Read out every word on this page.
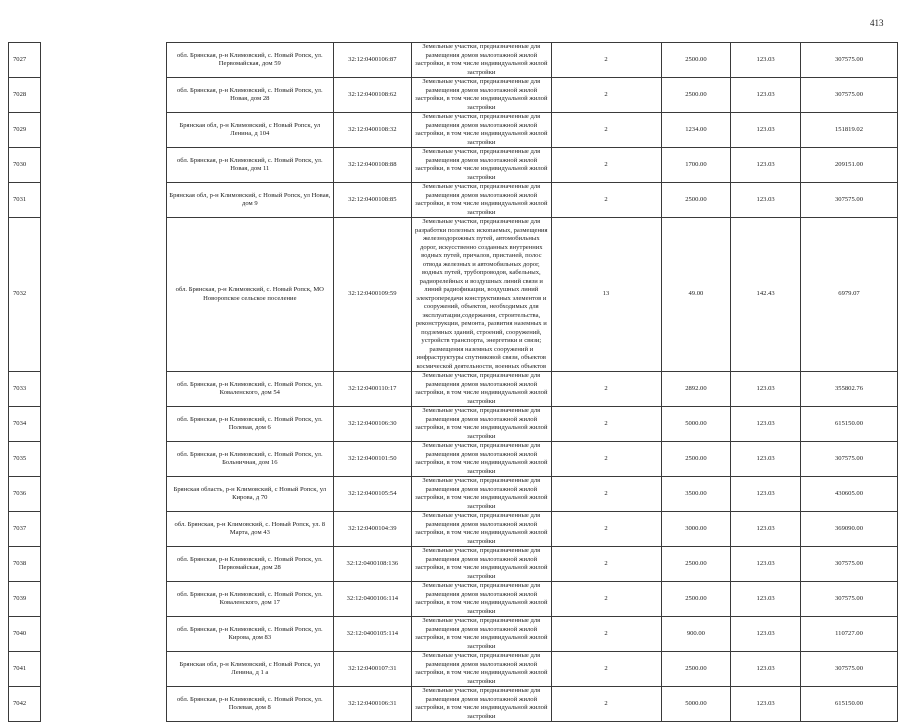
413
7027		обл. Брянская, р-н Климовский, с. Новый Ропск, ул. Первомайская, дом 59	32:12:0400106:87	Земельные участки, предназначенные для размещения домов малоэтажной жилой застройки, в том числе индивидуальной жилой застройки	2	2500.00	123.03	307575.00
7028		обл. Брянская, р-н Климовский, с. Новый Ропск, ул. Новая, дом 28	32:12:0400108:62	Земельные участки, предназначенные для размещения домов малоэтажной жилой застройки, в том числе индивидуальной жилой застройки	2	2500.00	123.03	307575.00
7029		Брянская обл, р-н Климовский, с Новый Ропск, ул Ленина, д 104	32:12:0400108:32	Земельные участки, предназначенные для размещения домов малоэтажной жилой застройки, в том числе индивидуальной жилой застройки	2	1234.00	123.03	151819.02
7030		обл. Брянская, р-н Климовский, с. Новый Ропск, ул. Новая, дом 11	32:12:0400108:88	Земельные участки, предназначенные для размещения домов малоэтажной жилой застройки, в том числе индивидуальной жилой застройки	2	1700.00	123.03	209151.00
7031		Брянская обл, р-н Климовский, с Новый Ропск, ул Новая, дом 9	32:12:0400108:85	Земельные участки, предназначенные для размещения домов малоэтажной жилой застройки, в том числе индивидуальной жилой застройки	2	2500.00	123.03	307575.00
7032		обл. Брянская, р-н Климовский, с. Новый Ропск, МО Новоропское сельское поселение	32:12:0400109:59	Земельные участки, предназначенные для разработки полезных ископаемых, размещения железнодорожных путей, автомобильных дорог, искусственно созданных внутренних водных путей, причалов, пристаней, полос отвода железных и автомобильных дорог, водных путей, трубопроводов, кабельных, радиорелейных и воздушных линий связи и линий радиофикации, воздушных линий электропередачи конструктивных элементов и сооружений, объектов, необходимых для эксплуатации,содержания, строительства, реконструкции, ремонта, развития наземных и подземных зданий, строений, сооружений, устройств транспорта, энергетики и связи; размещения наземных сооружений и инфраструктуры спутниковой связи, объектов космической деятельности, военных объектов	13	49.00	142.43	6979.07
7033		обл. Брянская, р-н Климовский, с. Новый Ропск, ул. Коваленского, дом 54	32:12:0400110:17	Земельные участки, предназначенные для размещения домов малоэтажной жилой застройки, в том числе индивидуальной жилой застройки	2	2892.00	123.03	355802.76
7034		обл. Брянская, р-н Климовский, с. Новый Ропск, ул. Полевая, дом 6	32:12:0400106:30	Земельные участки, предназначенные для размещения домов малоэтажной жилой застройки, в том числе индивидуальной жилой застройки	2	5000.00	123.03	615150.00
7035		обл. Брянская, р-н Климовский, с. Новый Ропск, ул. Больничная, дом 16	32:12:0400101:50	Земельные участки, предназначенные для размещения домов малоэтажной жилой застройки, в том числе индивидуальной жилой застройки	2	2500.00	123.03	307575.00
7036		Брянская область, р-н Климовский, с Новый Ропск, ул Кирова, д 70	32:12:0400105:54	Земельные участки, предназначенные для размещения домов малоэтажной жилой застройки, в том числе индивидуальной жилой застройки	2	3500.00	123.03	430605.00
7037		обл. Брянская, р-н Климовский, с. Новый Ропск, ул. 8 Марта, дом 43	32:12:0400104:39	Земельные участки, предназначенные для размещения домов малоэтажной жилой застройки, в том числе индивидуальной жилой застройки	2	3000.00	123.03	369090.00
7038		обл. Брянская, р-н Климовский, с. Новый Ропск, ул. Первомайская, дом 28	32:12:0400108:136	Земельные участки, предназначенные для размещения домов малоэтажной жилой застройки, в том числе индивидуальной жилой застройки	2	2500.00	123.03	307575.00
7039		обл. Брянская, р-н Климовский, с. Новый Ропск, ул. Коваленского, дом 17	32:12:0400106:114	Земельные участки, предназначенные для размещения домов малоэтажной жилой застройки, в том числе индивидуальной жилой застройки	2	2500.00	123.03	307575.00
7040		обл. Брянская, р-н Климовский, с. Новый Ропск, ул. Кирова, дом 83	32:12:0400105:114	Земельные участки, предназначенные для размещения домов малоэтажной жилой застройки, в том числе индивидуальной жилой застройки	2	900.00	123.03	110727.00
7041		Брянская обл, р-н Климовский, с Новый Ропск, ул Ленина, д 1 а	32:12:0400107:31	Земельные участки, предназначенные для размещения домов малоэтажной жилой застройки, в том числе индивидуальной жилой застройки	2	2500.00	123.03	307575.00
7042		обл. Брянская, р-н Климовский, с. Новый Ропск, ул. Полевая, дом 8	32:12:0400106:31	Земельные участки, предназначенные для размещения домов малоэтажной жилой застройки, в том числе индивидуальной жилой застройки	2	5000.00	123.03	615150.00
